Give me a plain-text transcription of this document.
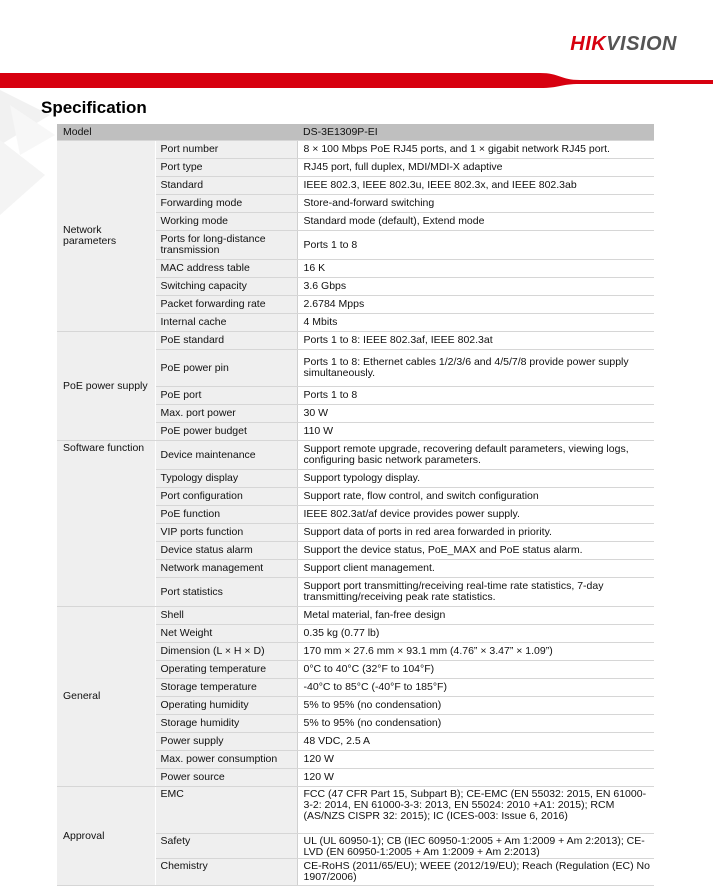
HIKVISION
Specification
Model		DS-3E1309P-EI
Network parameters	Port number	8 × 100 Mbps PoE RJ45 ports, and 1 × gigabit network RJ45 port.
	Port type	RJ45 port, full duplex, MDI/MDI-X adaptive
	Standard	IEEE 802.3, IEEE 802.3u, IEEE 802.3x, and IEEE 802.3ab
	Forwarding mode	Store-and-forward switching
	Working mode	Standard mode (default), Extend mode
	Ports for long-distance transmission	Ports 1 to 8
	MAC address table	16 K
	Switching capacity	3.6 Gbps
	Packet forwarding rate	2.6784 Mpps
	Internal cache	4 Mbits
PoE power supply	PoE standard	Ports 1 to 8: IEEE 802.3af, IEEE 802.3at
	PoE power pin	Ports 1 to 8: Ethernet cables 1/2/3/6 and 4/5/7/8 provide power supply simultaneously.
	PoE port	Ports 1 to 8
	Max. port power	30 W
	PoE power budget	110 W
Software function	Device maintenance	Support remote upgrade, recovering default parameters, viewing logs, configuring basic network parameters.
	Typology display	Support typology display.
	Port configuration	Support rate, flow control, and switch configuration
	PoE function	IEEE 802.3at/af device provides power supply.
	VIP ports function	Support data of ports in red area forwarded in priority.
	Device status alarm	Support the device status, PoE_MAX and PoE status alarm.
	Network management	Support client management.
	Port statistics	Support port transmitting/receiving real-time rate statistics, 7-day transmitting/receiving peak rate statistics.
General	Shell	Metal material, fan-free design
	Net Weight	0.35 kg (0.77 lb)
	Dimension (L × H × D)	170 mm × 27.6 mm × 93.1 mm (4.76” × 3.47” × 1.09”)
	Operating temperature	0°C to 40°C (32°F to 104°F)
	Storage temperature	-40°C to 85°C (-40°F to 185°F)
	Operating humidity	5% to 95% (no condensation)
	Storage humidity	5% to 95% (no condensation)
	Power supply	48 VDC, 2.5 A
	Max. power consumption	120 W
	Power source	120 W
Approval	EMC	FCC (47 CFR Part 15, Subpart B); CE-EMC (EN 55032: 2015, EN 61000-3-2: 2014, EN 61000-3-3: 2013, EN 55024: 2010 +A1: 2015); RCM (AS/NZS CISPR 32: 2015); IC (ICES-003: Issue 6, 2016)
	Safety	UL (UL 60950-1); CB (IEC 60950-1:2005 + Am 1:2009 + Am 2:2013); CE-LVD (EN 60950-1:2005 + Am 1:2009 + Am 2:2013)
	Chemistry	CE-RoHS (2011/65/EU); WEEE (2012/19/EU); Reach (Regulation (EC) No 1907/2006)
